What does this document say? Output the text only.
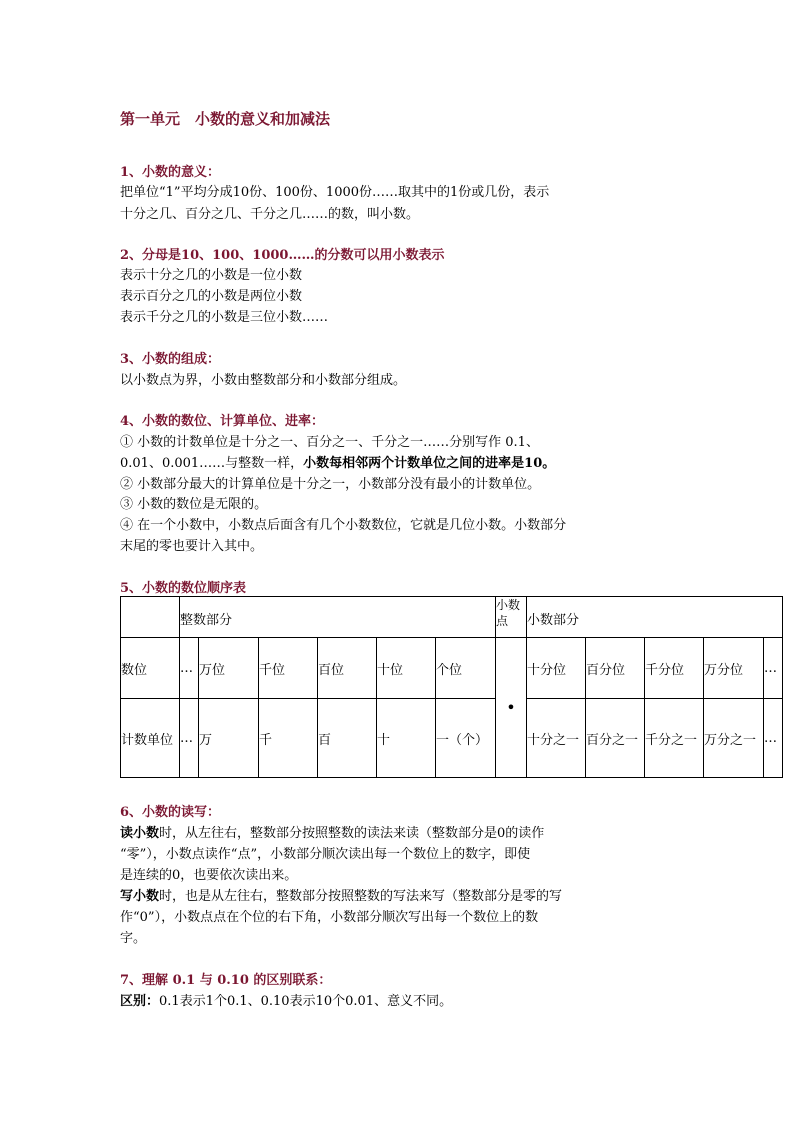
第一单元　小数的意义和加减法
1、小数的意义：
把单位“1”平均分成10份、100份、1000份……取其中的1份或几份，表示
十分之几、百分之几、千分之几……的数，叫小数。
2、分母是10、100、1000……的分数可以用小数表示
表示十分之几的小数是一位小数
表示百分之几的小数是两位小数
表示千分之几的小数是三位小数……
3、小数的组成：
以小数点为界，小数由整数部分和小数部分组成。
4、小数的数位、计算单位、进率：
① 小数的计数单位是十分之一、百分之一、千分之一……分别写作 0.1、
0.01、0.001……与整数一样，小数每相邻两个计数单位之间的进率是10。
② 小数部分最大的计算单位是十分之一，小数部分没有最小的计数单位。
③ 小数的数位是无限的。
④ 在一个小数中，小数点后面含有几个小数数位，它就是几位小数。小数部分
末尾的零也要计入其中。
5、小数的数位顺序表
	整数部分						小数点	小数部分				
数位	…	万位	千位	百位	十位	个位	•	十分位	百分位	千分位	万分位	…
计数单位	…	万	千	百	十	一（个）		十分之一	百分之一	千分之一	万分之一	…
6、小数的读写：
读小数时，从左往右，整数部分按照整数的读法来读（整数部分是0的读作
“零”），小数点读作“点”，小数部分顺次读出每一个数位上的数字，即使
是连续的0，也要依次读出来。
写小数时，也是从左往右，整数部分按照整数的写法来写（整数部分是零的写
作“0”），小数点点在个位的右下角，小数部分顺次写出每一个数位上的数
字。
7、理解 0.1 与 0.10 的区别联系：
区别：0.1表示1个0.1、0.10表示10个0.01、意义不同。
